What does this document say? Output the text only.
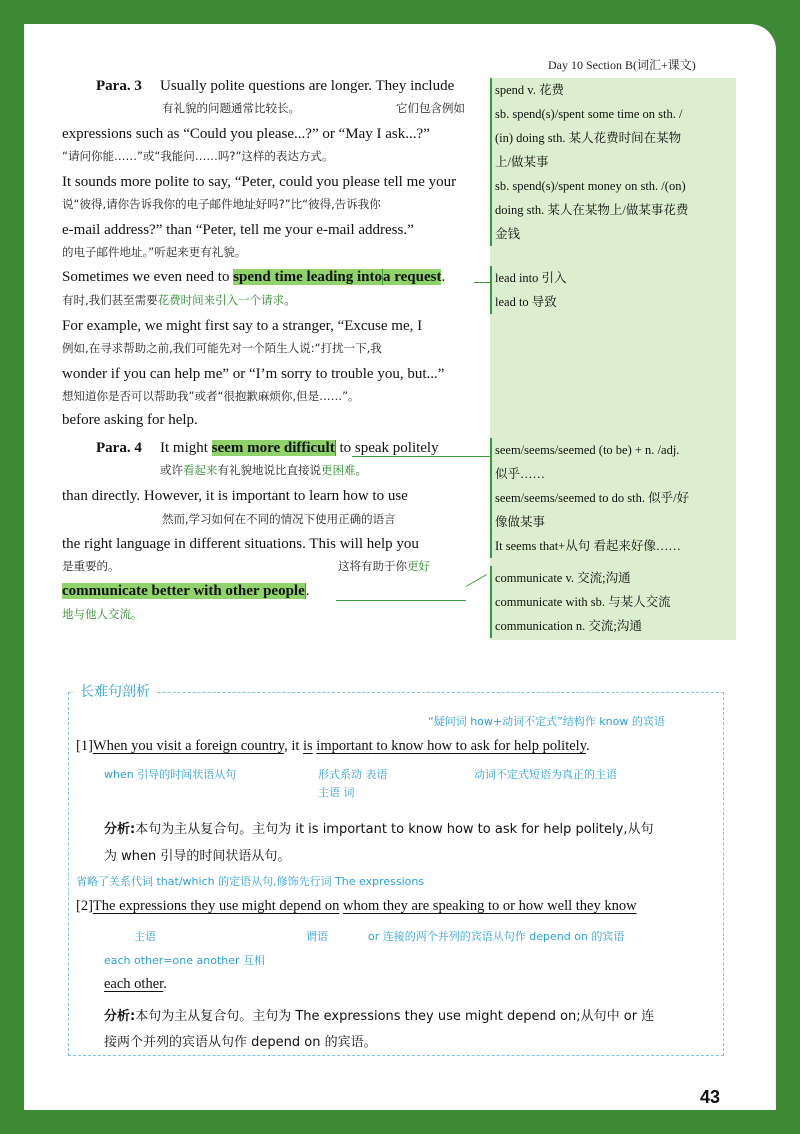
Day 10 Section B(词汇+课文)
spend v. 花费
sb. spend(s)/spent some time on sth. /
(in) doing sth. 某人花费时间在某物
上/做某事
sb. spend(s)/spent money on sth. /(on)
doing sth. 某人在某物上/做某事花费
金钱
lead into 引入
lead to 导致
seem/seems/seemed (to be) + n. /adj.
似乎……
seem/seems/seemed to do sth. 似乎/好
像做某事
It seems that+从句 看起来好像……
communicate v. 交流;沟通
communicate with sb. 与某人交流
communication n. 交流;沟通
Para. 3 Usually polite questions are longer. They include
有礼貌的问题通常比较长。	它们包含例如
expressions such as “Could you please...?” or “May I ask...?”
“请问你能……”或“我能问……吗?”这样的表达方式。
It sounds more polite to say, “Peter, could you please tell me your
说“彼得,请你告诉我你的电子邮件地址好吗?”比“彼得,告诉我你
e-mail address?” than “Peter, tell me your e-mail address.”
的电子邮件地址。”听起来更有礼貌。
Sometimes we even need to spend time leading intoa request.
有时,我们甚至需要花费时间来引入一个请求。
For example, we might first say to a stranger, “Excuse me, I
例如,在寻求帮助之前,我们可能先对一个陌生人说:“打扰一下,我
wonder if you can help me” or “I’m sorry to trouble you, but...”
想知道你是否可以帮助我”或者“很抱歉麻烦你,但是……”。
before asking for help.
Para. 4 It might seem more difficult to speak politely
或许看起来有礼貌地说比直接说更困难。
than directly. However, it is important to learn how to use
然而,学习如何在不同的情况下使用正确的语言
the right language in different situations. This will help you
是重要的。	这将有助于你更好
communicate better with other people.
地与他人交流。
长难句剖析
“疑问词 how+动词不定式”结构作 know 的宾语
[1]When you visit a foreign country, it is important to know how to ask for help politely.
when 引导的时间状语从句	形式系动 表语
主语 词
动词不定式短语为真正的主语
分析:本句为主从复合句。主句为 it is important to know how to ask for help politely,从句
为 when 引导的时间状语从句。
省略了关系代词 that/which 的定语从句,修饰先行词 The expressions
[2]The expressions they use might depend on whom they are speaking to or how well they know
主语	谓语	or 连接的两个并列的宾语从句作 depend on 的宾语
each other=one another 互相
each other.
分析:本句为主从复合句。主句为 The expressions they use might depend on;从句中 or 连
接两个并列的宾语从句作 depend on 的宾语。
43
